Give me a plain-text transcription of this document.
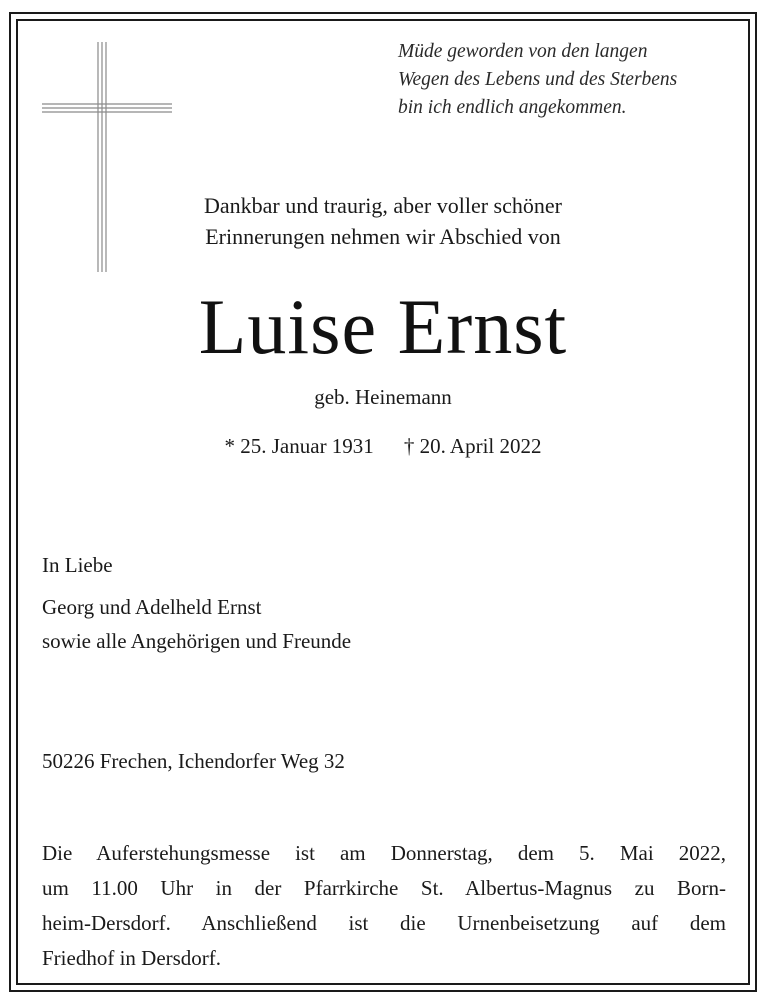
Müde geworden von den langen
Wegen des Lebens und des Sterbens
bin ich endlich angekommen.
Dankbar und traurig, aber voller schöner
Erinnerungen nehmen wir Abschied von
Luise Ernst
geb. Heinemann
* 25. Januar 1931 † 20. April 2022
In Liebe
Georg und Adelheld Ernst
sowie alle Angehörigen und Freunde
50226 Frechen, Ichendorfer Weg 32
Die Auferstehungsmesse ist am Donnerstag, dem 5. Mai 2022,
um 11.00 Uhr in der Pfarrkirche St. Albertus-Magnus zu Born-
heim-Dersdorf. Anschließend ist die Urnenbeisetzung auf dem
Friedhof in Dersdorf.
